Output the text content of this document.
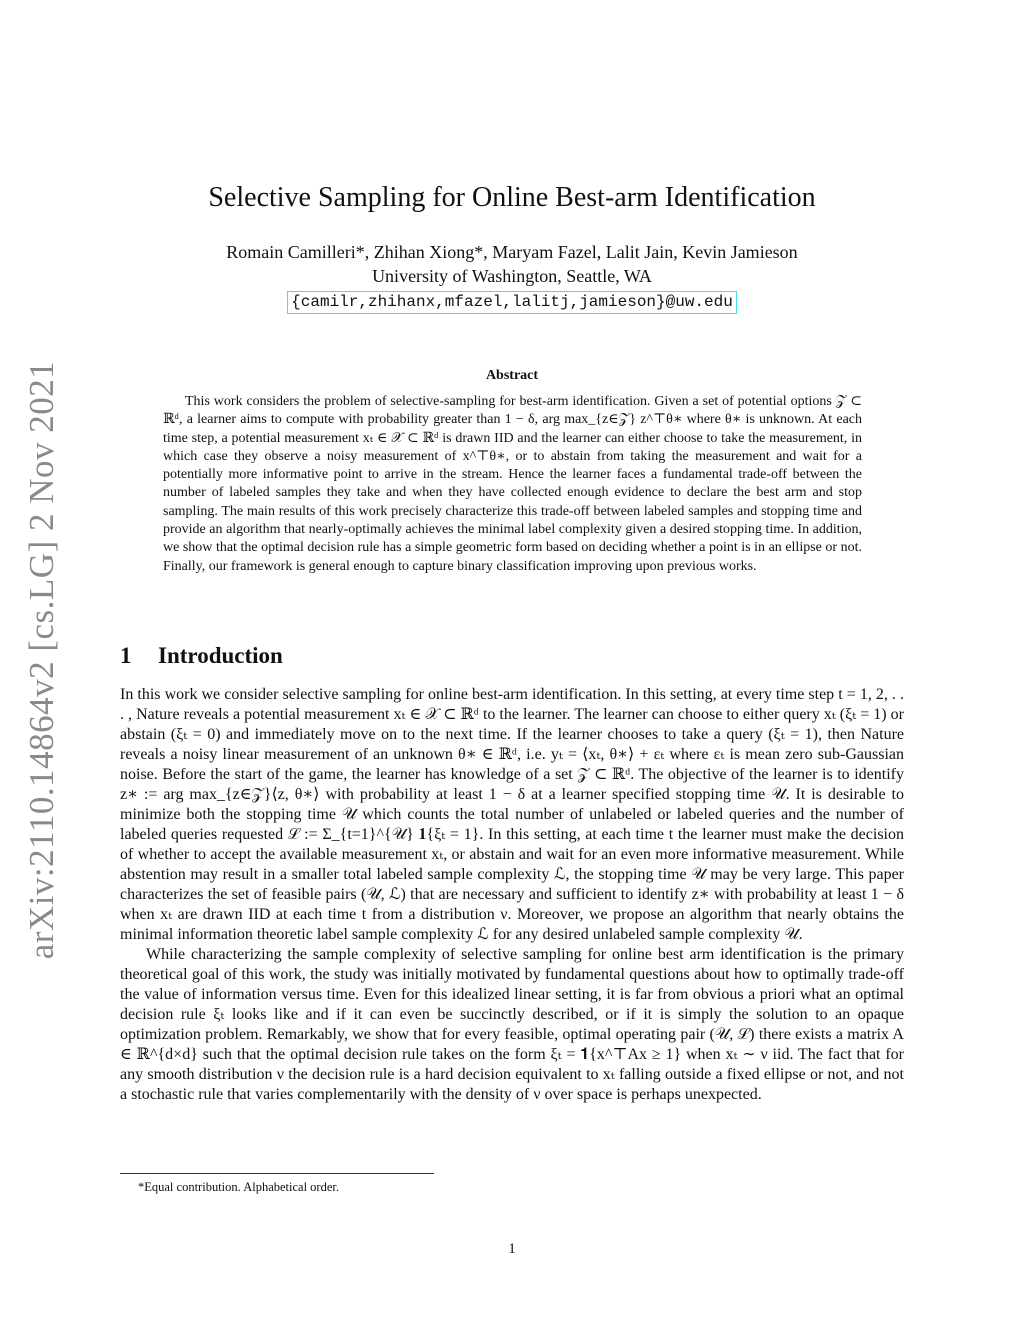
arXiv:2110.14864v2 [cs.LG] 2 Nov 2021
Selective Sampling for Online Best-arm Identification
Romain Camilleri*, Zhihan Xiong*, Maryam Fazel, Lalit Jain, Kevin Jamieson
University of Washington, Seattle, WA
{camilr,zhihanx,mfazel,lalitj,jamieson}@uw.edu
Abstract

This work considers the problem of selective-sampling for best-arm identification. Given a set of potential options 𝒵 ⊂ ℝᵈ, a learner aims to compute with probability greater than 1 − δ, arg max_{z∈𝒵} z^⊤θ∗ where θ∗ is unknown. At each time step, a potential measurement xₜ ∈ 𝒳 ⊂ ℝᵈ is drawn IID and the learner can either choose to take the measurement, in which case they observe a noisy measurement of x^⊤θ∗, or to abstain from taking the measurement and wait for a potentially more informative point to arrive in the stream. Hence the learner faces a fundamental trade-off between the number of labeled samples they take and when they have collected enough evidence to declare the best arm and stop sampling. The main results of this work precisely characterize this trade-off between labeled samples and stopping time and provide an algorithm that nearly-optimally achieves the minimal label complexity given a desired stopping time. In addition, we show that the optimal decision rule has a simple geometric form based on deciding whether a point is in an ellipse or not. Finally, our framework is general enough to capture binary classification improving upon previous works.

1 Introduction

In this work we consider selective sampling for online best-arm identification. In this setting, at every time step t = 1, 2, . . . , Nature reveals a potential measurement xₜ ∈ 𝒳 ⊂ ℝᵈ to the learner. The learner can choose to either query xₜ (ξₜ = 1) or abstain (ξₜ = 0) and immediately move on to the next time. If the learner chooses to take a query (ξₜ = 1), then Nature reveals a noisy linear measurement of an unknown θ∗ ∈ ℝᵈ, i.e. yₜ = ⟨xₜ, θ∗⟩ + εₜ where εₜ is mean zero sub-Gaussian noise. Before the start of the game, the learner has knowledge of a set 𝒵 ⊂ ℝᵈ. The objective of the learner is to identify z∗ := arg max_{z∈𝒵}⟨z, θ∗⟩ with probability at least 1 − δ at a learner specified stopping time 𝒰. It is desirable to minimize both the stopping time 𝒰 which counts the total number of unlabeled or labeled queries and the number of labeled queries requested ℒ := Σ_{t=1}^{𝒰} 𝟏{ξₜ = 1}. In this setting, at each time t the learner must make the decision of whether to accept the available measurement xₜ, or abstain and wait for an even more informative measurement. While abstention may result in a smaller total labeled sample complexity ℒ, the stopping time 𝒰 may be very large. This paper characterizes the set of feasible pairs (𝒰, ℒ) that are necessary and sufficient to identify z∗ with probability at least 1 − δ when xₜ are drawn IID at each time t from a distribution ν. Moreover, we propose an algorithm that nearly obtains the minimal information theoretic label sample complexity ℒ for any desired unlabeled sample complexity 𝒰.

While characterizing the sample complexity of selective sampling for online best arm identification is the primary theoretical goal of this work, the study was initially motivated by fundamental questions about how to optimally trade-off the value of information versus time. Even for this idealized linear setting, it is far from obvious a priori what an optimal decision rule ξₜ looks like and if it can even be succinctly described, or if it is simply the solution to an opaque optimization problem. Remarkably, we show that for every feasible, optimal operating pair (𝒰, ℒ) there exists a matrix A ∈ ℝ^{d×d} such that the optimal decision rule takes on the form ξₜ = 𝟏{x^⊤Ax ≥ 1} when xₜ ∼ ν iid. The fact that for any smooth distribution ν the decision rule is a hard decision equivalent to xₜ falling outside a fixed ellipse or not, and not a stochastic rule that varies complementarily with the density of ν over space is perhaps unexpected.

*Equal contribution. Alphabetical order.
1
